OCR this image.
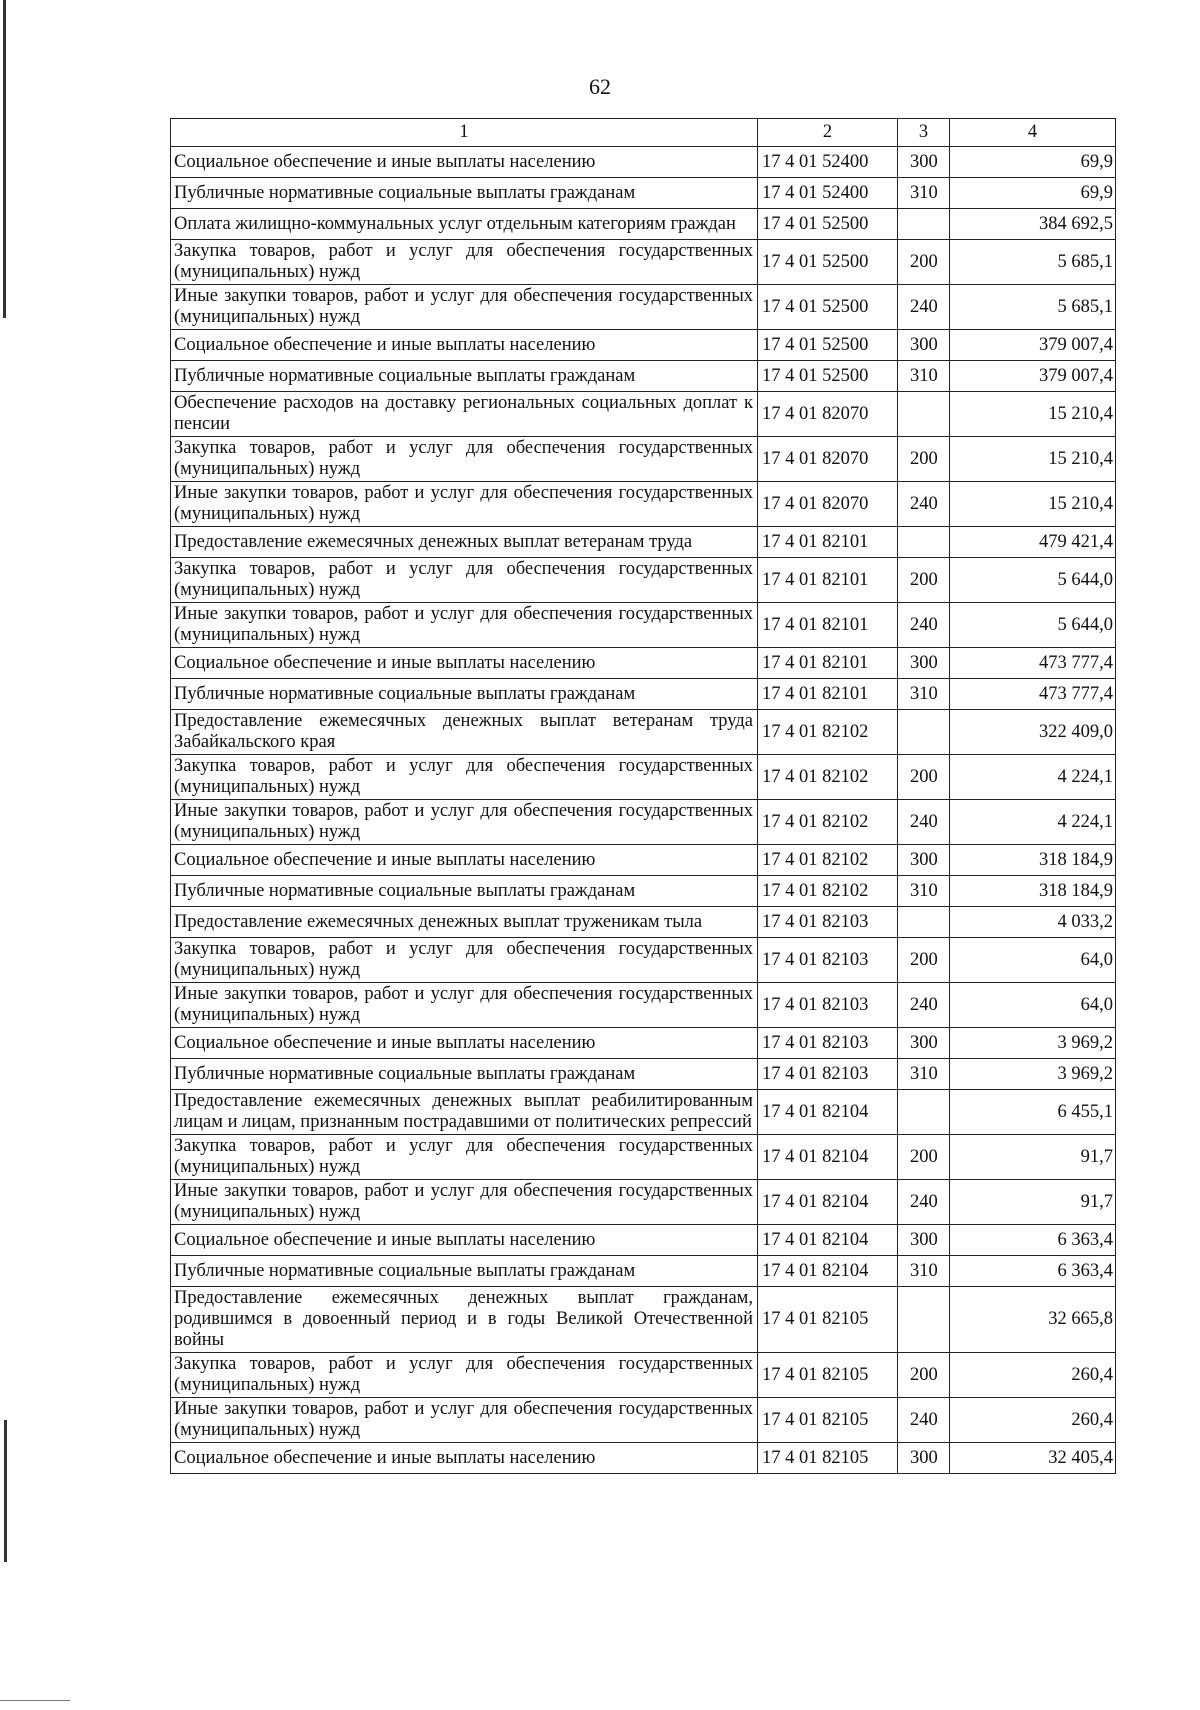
62
1	2	3	4
Социальное обеспечение и иные выплаты населению	17 4 01 52400	300	69,9
Публичные нормативные социальные выплаты гражданам	17 4 01 52400	310	69,9
Оплата жилищно-коммунальных услуг отдельным категориям граждан	17 4 01 52500		384 692,5
Закупка товаров, работ и услуг для обеспечения государственных (муниципальных) нужд	17 4 01 52500	200	5 685,1
Иные закупки товаров, работ и услуг для обеспечения государственных (муниципальных) нужд	17 4 01 52500	240	5 685,1
Социальное обеспечение и иные выплаты населению	17 4 01 52500	300	379 007,4
Публичные нормативные социальные выплаты гражданам	17 4 01 52500	310	379 007,4
Обеспечение расходов на доставку региональных социальных доплат к пенсии	17 4 01 82070		15 210,4
Закупка товаров, работ и услуг для обеспечения государственных (муниципальных) нужд	17 4 01 82070	200	15 210,4
Иные закупки товаров, работ и услуг для обеспечения государственных (муниципальных) нужд	17 4 01 82070	240	15 210,4
Предоставление ежемесячных денежных выплат ветеранам труда	17 4 01 82101		479 421,4
Закупка товаров, работ и услуг для обеспечения государственных (муниципальных) нужд	17 4 01 82101	200	5 644,0
Иные закупки товаров, работ и услуг для обеспечения государственных (муниципальных) нужд	17 4 01 82101	240	5 644,0
Социальное обеспечение и иные выплаты населению	17 4 01 82101	300	473 777,4
Публичные нормативные социальные выплаты гражданам	17 4 01 82101	310	473 777,4
Предоставление ежемесячных денежных выплат ветеранам труда Забайкальского края	17 4 01 82102		322 409,0
Закупка товаров, работ и услуг для обеспечения государственных (муниципальных) нужд	17 4 01 82102	200	4 224,1
Иные закупки товаров, работ и услуг для обеспечения государственных (муниципальных) нужд	17 4 01 82102	240	4 224,1
Социальное обеспечение и иные выплаты населению	17 4 01 82102	300	318 184,9
Публичные нормативные социальные выплаты гражданам	17 4 01 82102	310	318 184,9
Предоставление ежемесячных денежных выплат труженикам тыла	17 4 01 82103		4 033,2
Закупка товаров, работ и услуг для обеспечения государственных (муниципальных) нужд	17 4 01 82103	200	64,0
Иные закупки товаров, работ и услуг для обеспечения государственных (муниципальных) нужд	17 4 01 82103	240	64,0
Социальное обеспечение и иные выплаты населению	17 4 01 82103	300	3 969,2
Публичные нормативные социальные выплаты гражданам	17 4 01 82103	310	3 969,2
Предоставление ежемесячных денежных выплат реабилитированным лицам и лицам, признанным пострадавшими от политических репрессий	17 4 01 82104		6 455,1
Закупка товаров, работ и услуг для обеспечения государственных (муниципальных) нужд	17 4 01 82104	200	91,7
Иные закупки товаров, работ и услуг для обеспечения государственных (муниципальных) нужд	17 4 01 82104	240	91,7
Социальное обеспечение и иные выплаты населению	17 4 01 82104	300	6 363,4
Публичные нормативные социальные выплаты гражданам	17 4 01 82104	310	6 363,4
Предоставление ежемесячных денежных выплат гражданам, родившимся в довоенный период и в годы Великой Отечественной войны	17 4 01 82105		32 665,8
Закупка товаров, работ и услуг для обеспечения государственных (муниципальных) нужд	17 4 01 82105	200	260,4
Иные закупки товаров, работ и услуг для обеспечения государственных (муниципальных) нужд	17 4 01 82105	240	260,4
Социальное обеспечение и иные выплаты населению	17 4 01 82105	300	32 405,4
